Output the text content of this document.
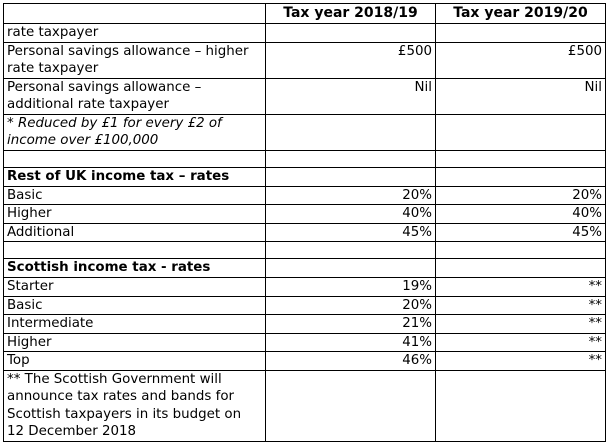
	Tax year 2018/19	Tax year 2019/20
rate taxpayer		
Personal savings allowance – higher rate taxpayer	£500	£500
Personal savings allowance – additional rate taxpayer	Nil	Nil
* Reduced by £1 for every £2 of income over £100,000		

Rest of UK income tax – rates		
Basic	20%	20%
Higher	40%	40%
Additional	45%	45%

Scottish income tax - rates		
Starter	19%	**
Basic	20%	**
Intermediate	21%	**
Higher	41%	**
Top	46%	**
** The Scottish Government will announce tax rates and bands for Scottish taxpayers in its budget on 12 December 2018		
